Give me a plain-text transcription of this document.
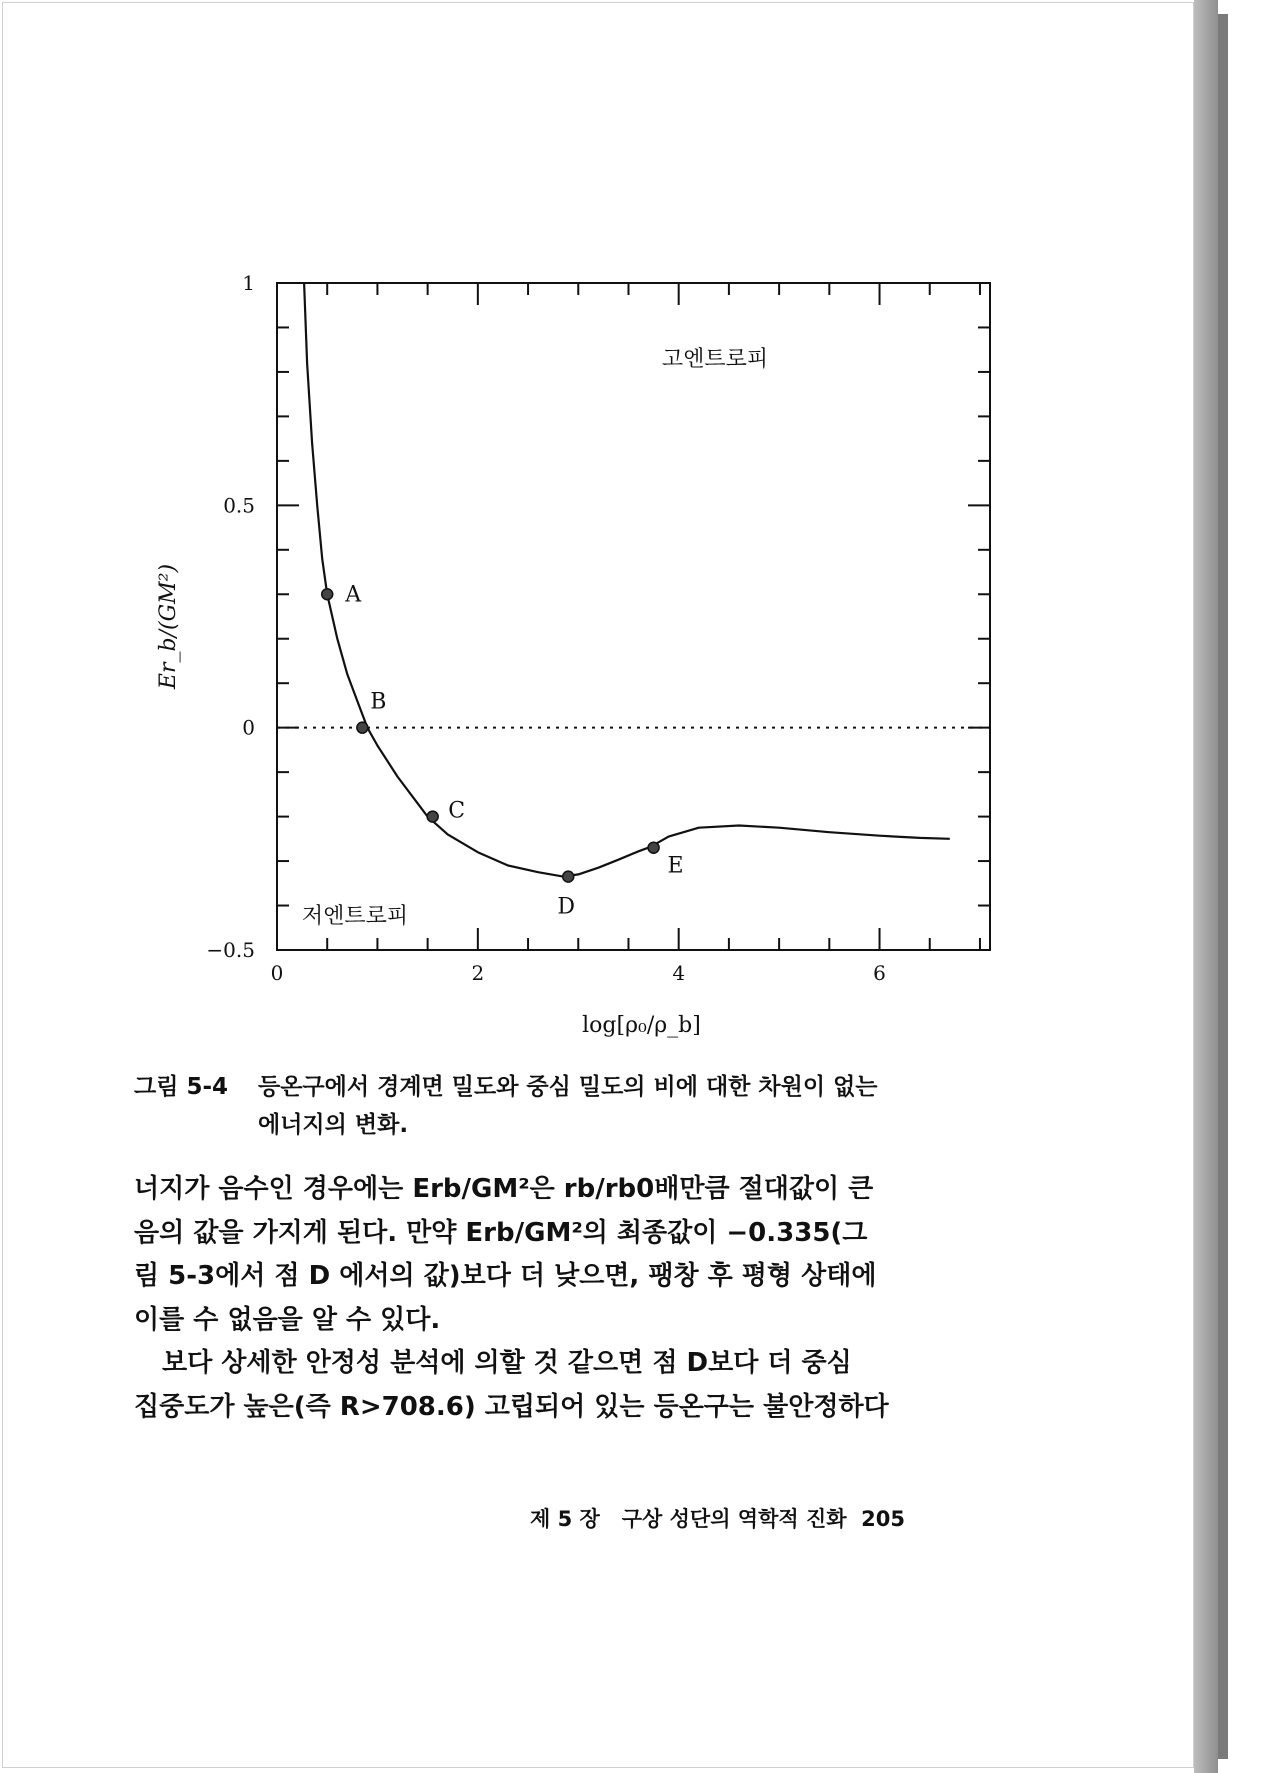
0	2	4	6
1
0.5
0
−0.5
log[ρ₀/ρ_b]
Er_b/(GM²)	A
B
C
D
E
고엔트로피
저엔트로피
그림 5-4 등온구에서 경계면 밀도와 중심 밀도의 비에 대한 차원이 없는
에너지의 변화.

너지가 음수인 경우에는 Erb/GM²은 rb/rb0배만큼 절대값이 큰

음의 값을 가지게 된다. 만약 Erb/GM²의 최종값이 −0.335(그

림 5-3에서 점 D 에서의 값)보다 더 낮으면, 팽창 후 평형 상태에

이를 수 없음을 알 수 있다.

보다 상세한 안정성 분석에 의할 것 같으면 점 D보다 더 중심

집중도가 높은(즉 R>708.6) 고립되어 있는 등온구는 불안정하다

제 5 장 구상 성단의 역학적 진화 205
